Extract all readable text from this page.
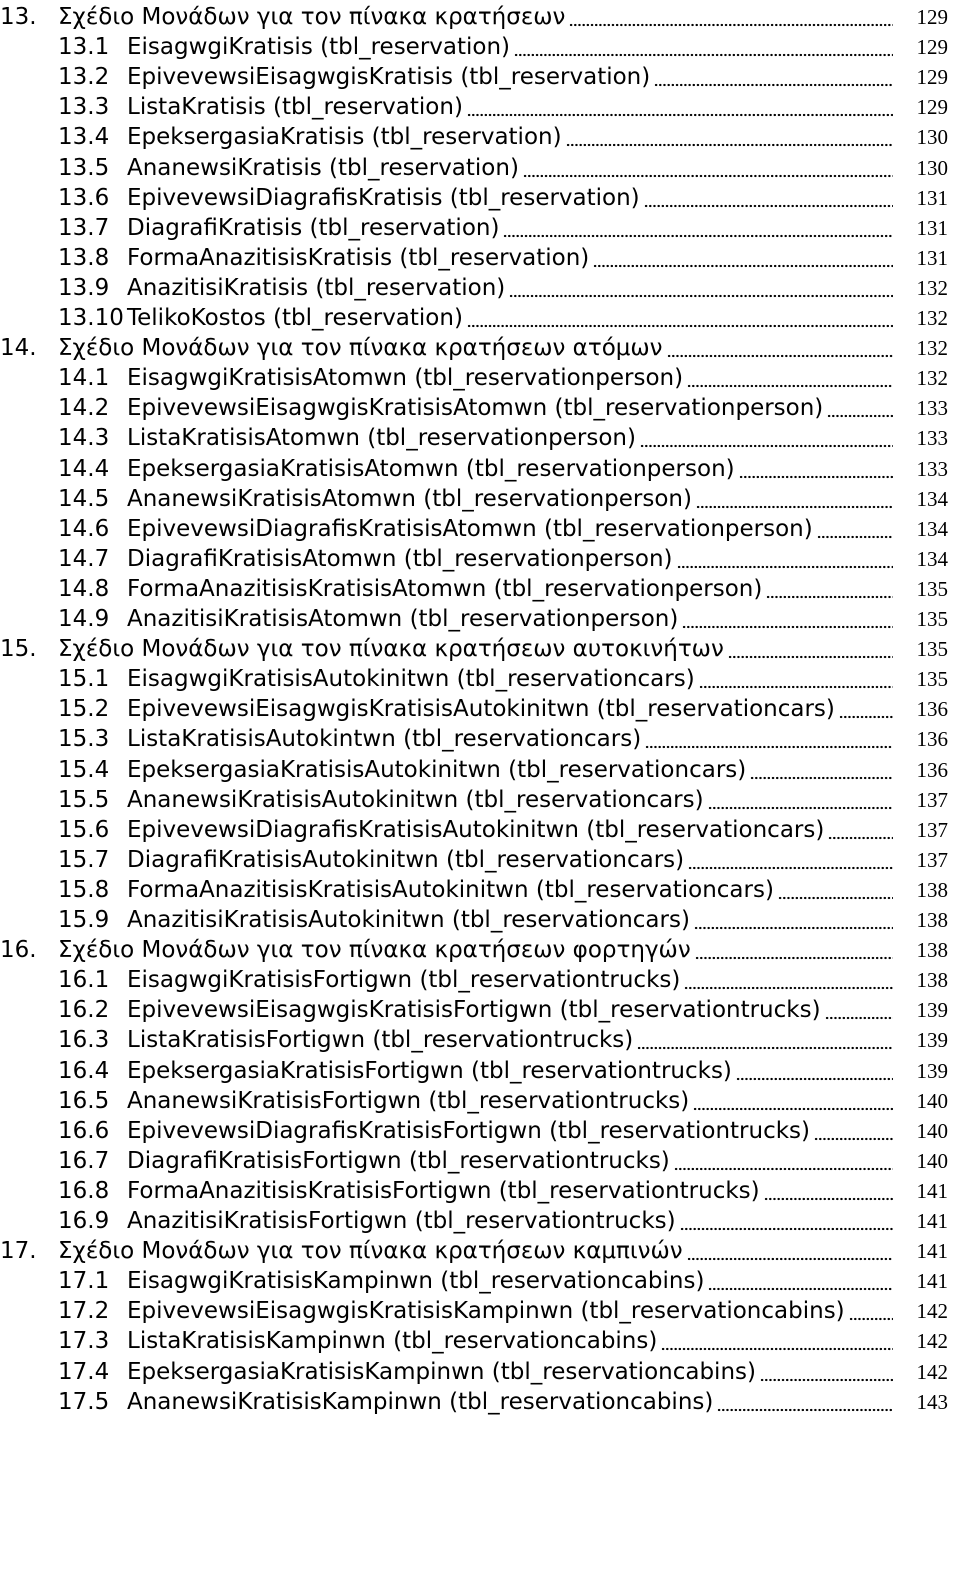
13. Σχέδιο Μονάδων για τον πίνακα κρατήσεων	129
13.1 EisagwgiKratisis (tbl_reservation)	129
13.2 EpivevewsiEisagwgisKratisis (tbl_reservation)	129
13.3 ListaKratisis (tbl_reservation)	129
13.4 EpeksergasiaKratisis (tbl_reservation)	130
13.5 AnanewsiKratisis (tbl_reservation)	130
13.6 EpivevewsiDiagrafisKratisis (tbl_reservation)	131
13.7 DiagrafiKratisis (tbl_reservation)	131
13.8 FormaAnazitisisKratisis (tbl_reservation)	131
13.9 AnazitisiKratisis (tbl_reservation)	132
13.10 TelikoKostos (tbl_reservation)	132
14. Σχέδιο Μονάδων για τον πίνακα κρατήσεων ατόμων	132
14.1 EisagwgiKratisisAtomwn (tbl_reservationperson)	132
14.2 EpivevewsiEisagwgisKratisisAtomwn (tbl_reservationperson)	133
14.3 ListaKratisisAtomwn (tbl_reservationperson)	133
14.4 EpeksergasiaKratisisAtomwn (tbl_reservationperson)	133
14.5 AnanewsiKratisisAtomwn (tbl_reservationperson)	134
14.6 EpivevewsiDiagrafisKratisisAtomwn (tbl_reservationperson)	134
14.7 DiagrafiKratisisAtomwn (tbl_reservationperson)	134
14.8 FormaAnazitisisKratisisAtomwn (tbl_reservationperson)	135
14.9 AnazitisiKratisisAtomwn (tbl_reservationperson)	135
15. Σχέδιο Μονάδων για τον πίνακα κρατήσεων αυτοκινήτων	135
15.1 EisagwgiKratisisAutokinitwn (tbl_reservationcars)	135
15.2 EpivevewsiEisagwgisKratisisAutokinitwn (tbl_reservationcars)	136
15.3 ListaKratisisAutokintwn (tbl_reservationcars)	136
15.4 EpeksergasiaKratisisAutokinitwn (tbl_reservationcars)	136
15.5 AnanewsiKratisisAutokinitwn (tbl_reservationcars)	137
15.6 EpivevewsiDiagrafisKratisisAutokinitwn (tbl_reservationcars)	137
15.7 DiagrafiKratisisAutokinitwn (tbl_reservationcars)	137
15.8 FormaAnazitisisKratisisAutokinitwn (tbl_reservationcars)	138
15.9 AnazitisiKratisisAutokinitwn (tbl_reservationcars)	138
16. Σχέδιο Μονάδων για τον πίνακα κρατήσεων φορτηγών	138
16.1 EisagwgiKratisisFortigwn (tbl_reservationtrucks)	138
16.2 EpivevewsiEisagwgisKratisisFortigwn (tbl_reservationtrucks)	139
16.3 ListaKratisisFortigwn (tbl_reservationtrucks)	139
16.4 EpeksergasiaKratisisFortigwn (tbl_reservationtrucks)	139
16.5 AnanewsiKratisisFortigwn (tbl_reservationtrucks)	140
16.6 EpivevewsiDiagrafisKratisisFortigwn (tbl_reservationtrucks)	140
16.7 DiagrafiKratisisFortigwn (tbl_reservationtrucks)	140
16.8 FormaAnazitisisKratisisFortigwn (tbl_reservationtrucks)	141
16.9 AnazitisiKratisisFortigwn (tbl_reservationtrucks)	141
17. Σχέδιο Μονάδων για τον πίνακα κρατήσεων καμπινών	141
17.1 EisagwgiKratisisKampinwn (tbl_reservationcabins)	141
17.2 EpivevewsiEisagwgisKratisisKampinwn (tbl_reservationcabins)	142
17.3 ListaKratisisKampinwn (tbl_reservationcabins)	142
17.4 EpeksergasiaKratisisKampinwn (tbl_reservationcabins)	142
17.5 AnanewsiKratisisKampinwn (tbl_reservationcabins)	143
